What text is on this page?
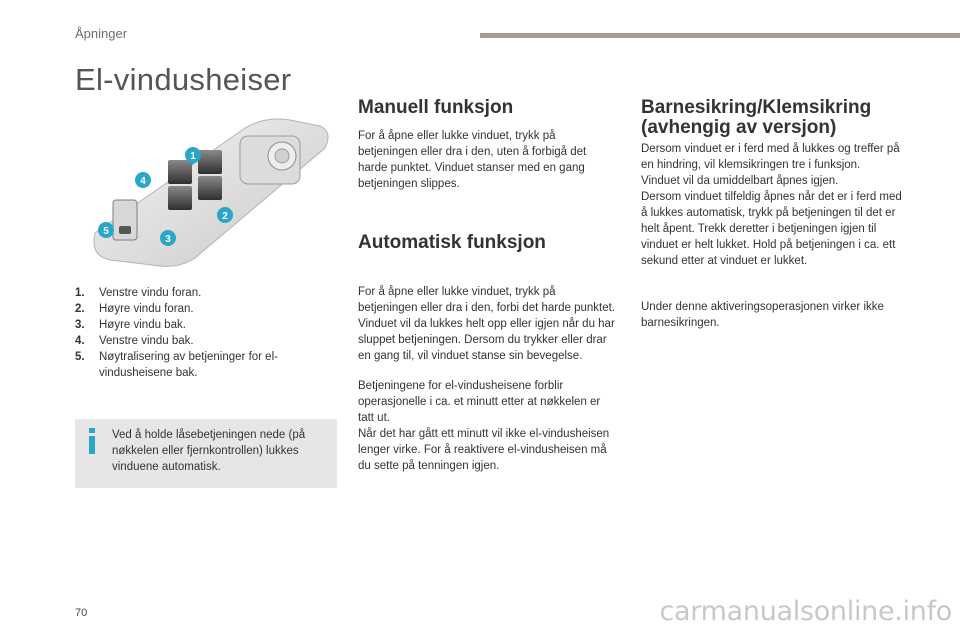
Åpninger
El-vindusheiser
1
2
3
4
5
1.	Venstre vindu foran.
2.	Høyre vindu foran.
3.	Høyre vindu bak.
4.	Venstre vindu bak.
5.	Nøytralisering av betjeninger for el-vindusheisene bak.
Ved å holde låsebetjeningen nede (på nøkkelen eller fjernkontrollen) lukkes vinduene automatisk.
Manuell funksjon

For å åpne eller lukke vinduet, trykk på betjeningen eller dra i den, uten å forbigå det harde punktet. Vinduet stanser med en gang betjeningen slippes.

Automatisk funksjon

For å åpne eller lukke vinduet, trykk på betjeningen eller dra i den, forbi det harde punktet. Vinduet vil da lukkes helt opp eller igjen når du har sluppet betjeningen. Dersom du trykker eller drar en gang til, vil vinduet stanse sin bevegelse.

Betjeningene for el-vindusheisene forblir operasjonelle i ca. et minutt etter at nøkkelen er tatt ut.

Når det har gått ett minutt vil ikke el-vindusheisen lenger virke. For å reaktivere el-vindusheisen må du sette på tenningen igjen.

Barnesikring/Klemsikring
(avhengig av versjon)

Dersom vinduet er i ferd med å lukkes og treffer på en hindring, vil klemsikringen tre i funksjon.

Vinduet vil da umiddelbart åpnes igjen.

Dersom vinduet tilfeldig åpnes når det er i ferd med å lukkes automatisk, trykk på betjeningen til det er helt åpent. Trekk deretter i betjeningen igjen til vinduet er helt lukket. Hold på betjeningen i ca. ett sekund etter at vinduet er lukket.

Under denne aktiveringsoperasjonen virker ikke barnesikringen.

70	carmanualsonline.info
